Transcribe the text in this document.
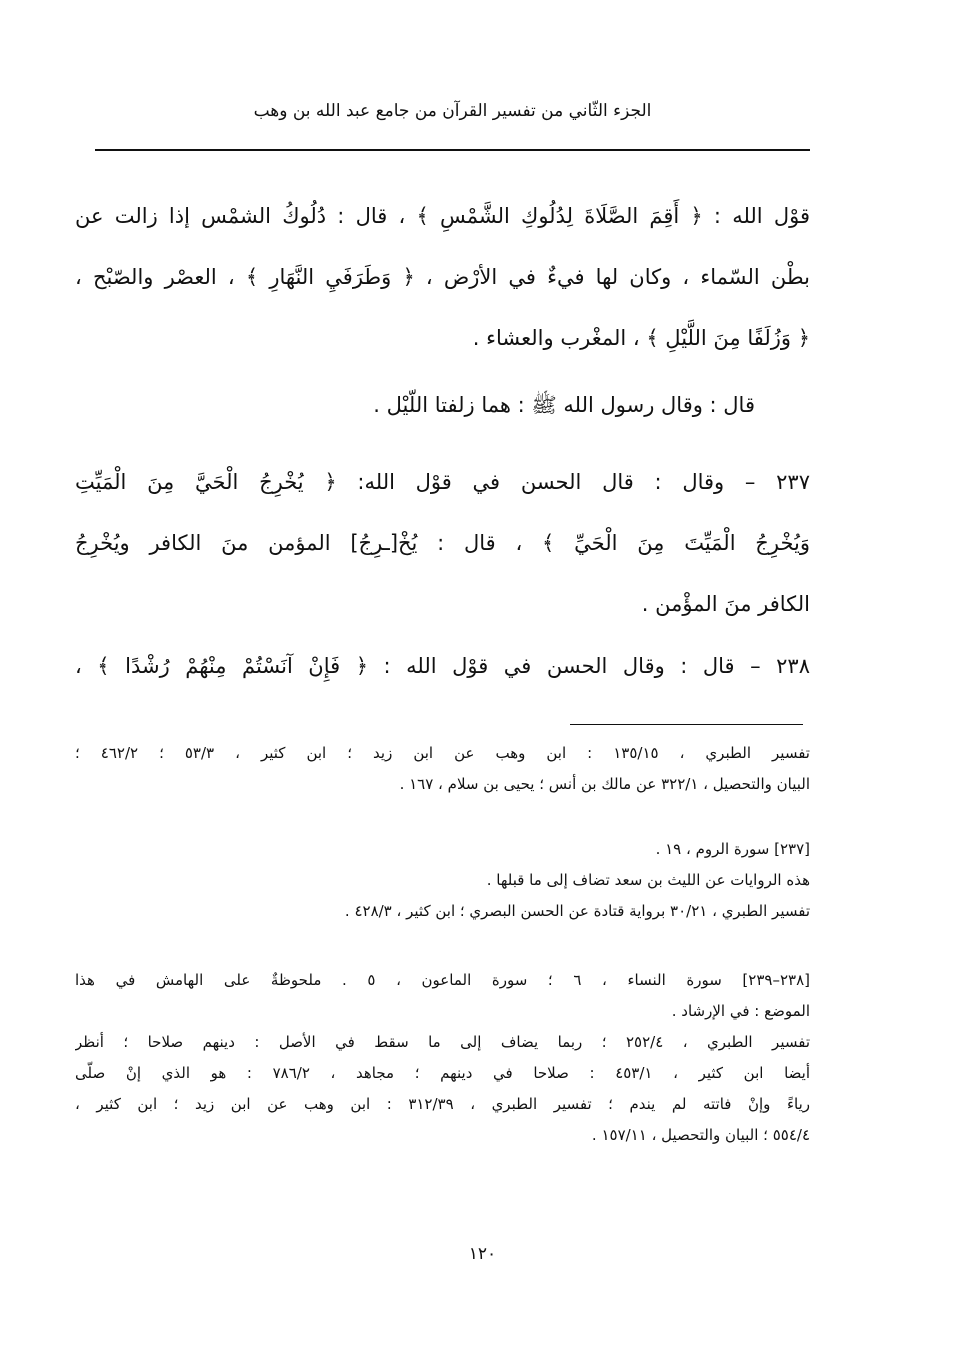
الجزء الثّاني من تفسير القرآن من جامع عبد الله بن وهب
قوْل الله : ﴿ أَقِمَ الصَّلَاةَ لِدُلُوكِ الشَّمْسِ ﴾ ، قال : دُلُوكُ الشمْس إذا زالت عن
بطْن السّماء ، وكان لها فيءٌ في الأرْض ، ﴿ وَطَرَفَيِ النَّهَارِ ﴾ ، العصْر والصّبْح ،
﴿ وَزُلَفًا مِنَ اللَّيْلِ ﴾ ، المغْرب والعشاء .
قال : وقال رسول الله ﷺ : هما زلفتا اللّيْل .
٢٣٧ – وقال : قال الحسن في قوْل الله: ﴿ يُخْرِجُ الْحَيَّ مِنَ الْمَيِّتِ
وَيُخْرِجُ الْمَيِّتَ مِنَ الْحَيِّ ﴾ ، قال : يُخْ[ـرِجُ] المؤمن منَ الكافر ويُخْرِجُ
الكافر منَ المؤْمن .
٢٣٨ – قال : وقال الحسن في قوْل الله : ﴿ فَإِنْ آنَسْتُمْ مِنْهُمْ رُشْدًا ﴾ ،
تفسير الطبري ، ١٣٥/١٥ : ابن وهب عن ابن زيد ؛ ابن كثير ، ٥٣/٣ ؛ ٤٦٢/٢ ؛
البيان والتحصيل ، ٣٢٢/١ عن مالك بن أنس ؛ يحيى بن سلام ، ١٦٧ .
[٢٣٧] سورة الروم ، ١٩ .
هذه الروايات عن الليث بن سعد تضاف إلى ما قبلها .
تفسير الطبري ، ٣٠/٢١ برواية قتادة عن الحسن البصري ؛ ابن كثير ، ٤٢٨/٣ .
[٢٣٨–٢٣٩] سورة النساء ، ٦ ؛ سورة الماعون ، ٥ . ملحوظةٌ على الهامش في هذا
الموضع : في الإرشاد .
تفسير الطبري ، ٢٥٢/٤ ؛ ربما يضاف إلى ما سقط في الأصل : دينهم صلاحا ؛ أنظر
أيضا ابن كثير ، ٤٥٣/١ : صلاحا في دينهم ؛ مجاهد ، ٧٨٦/٢ : هو الذي إنْ صلّى
رياءً وإنْ فاتته لم يندم ؛ تفسير الطبري ، ٣١٢/٣٩ : ابن وهب عن ابن زيد ؛ ابن كثير ،
٥٥٤/٤ ؛ البيان والتحصيل ، ١٥٧/١١ .
١٢٠
